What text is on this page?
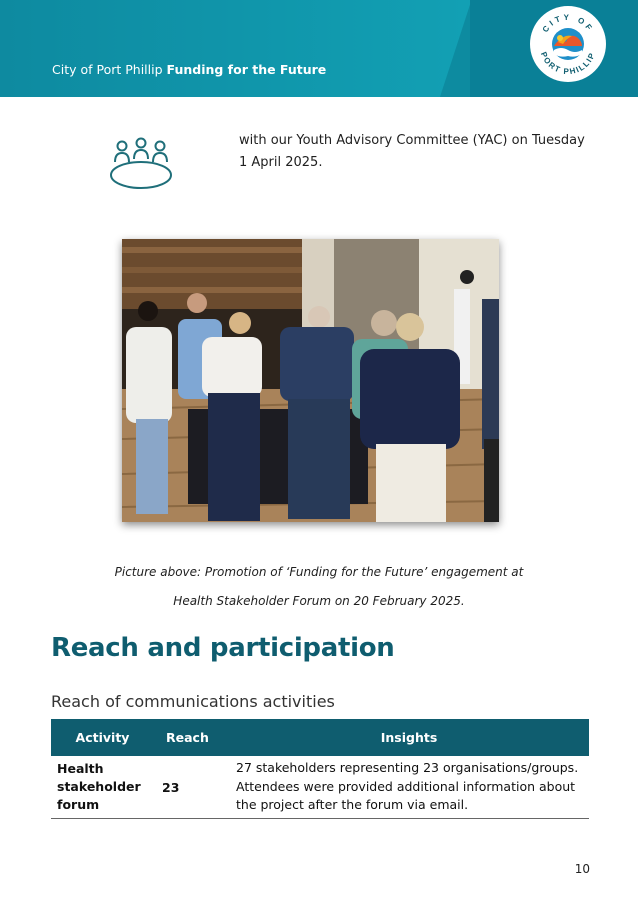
City of Port Phillip Funding for the Future
CITY OF
PORT PHILLIP
with our Youth Advisory Committee (YAC) on Tuesday 1 April 2025.
Picture above: Promotion of ‘Funding for the Future’ engagement at
Health Stakeholder Forum on 20 February 2025.
Reach and participation
Reach of communications activities
Activity	Reach	Insights
Health stakeholder forum	23	27 stakeholders representing 23 organisations/groups. Attendees were provided additional information about the project after the forum via email.
10
